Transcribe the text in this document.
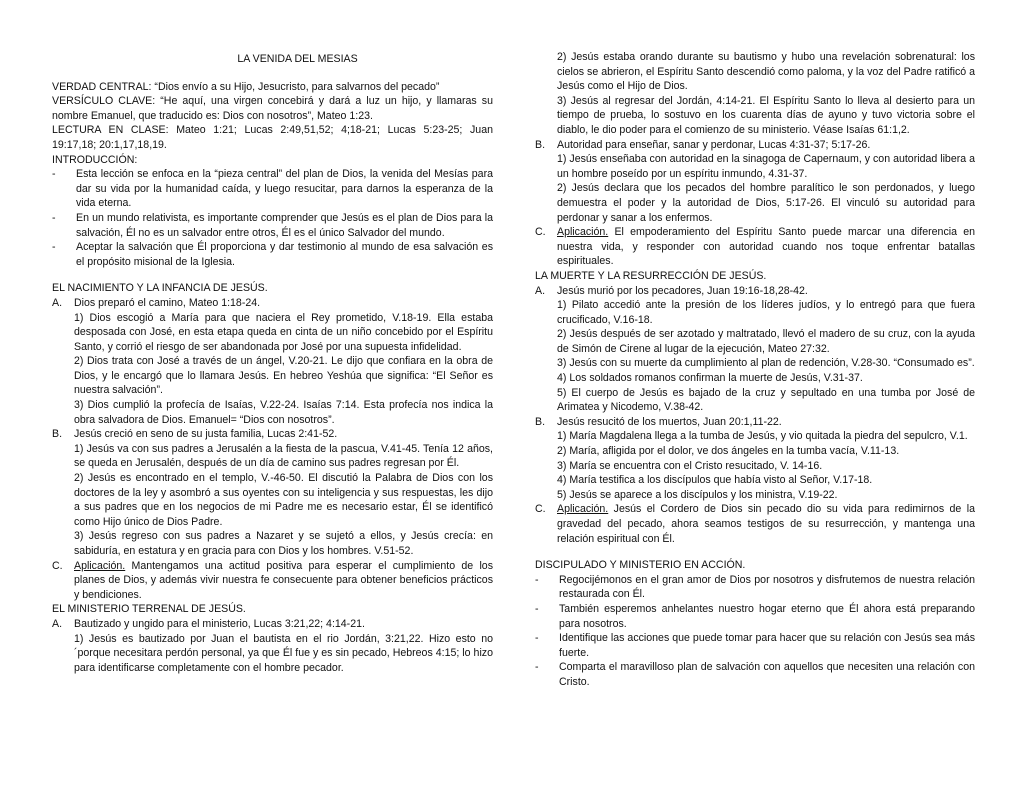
LA VENIDA DEL MESIAS

VERDAD CENTRAL: “Dios envío a su Hijo, Jesucristo, para salvarnos del pecado”

VERSÍCULO CLAVE: “He aquí, una virgen concebirá y dará a luz un hijo, y llamaras su nombre Emanuel, que traducido es: Dios con nosotros”, Mateo 1:23.

LECTURA EN CLASE: Mateo 1:21; Lucas 2:49,51,52; 4;18-21; Lucas 5:23-25; Juan 19:17,18; 20:1,17,18,19.

INTRODUCCIÓN:

-	Esta lección se enfoca en la “pieza central” del plan de Dios, la venida del Mesías para dar su vida por la humanidad caída, y luego resucitar, para darnos la esperanza de la vida eterna.
-	En un mundo relativista, es importante comprender que Jesús es el plan de Dios para la salvación, Él no es un salvador entre otros, Él es el único Salvador del mundo.
-	Aceptar la salvación que Él proporciona y dar testimonio al mundo de esa salvación es el propósito misional de la Iglesia.

EL NACIMIENTO Y LA INFANCIA DE JESÚS.

A.	Dios preparó el camino, Mateo 1:18-24.

1) Dios escogió a María para que naciera el Rey prometido, V.18-19. Ella estaba desposada con José, en esta etapa queda en cinta de un niño concebido por el Espíritu Santo, y corrió el riesgo de ser abandonada por José por una supuesta infidelidad.

2) Dios trata con José a través de un ángel, V.20-21. Le dijo que confiara en la obra de Dios, y le encargó que lo llamara Jesús. En hebreo Yeshúa que significa: “El Señor es nuestra salvación”.

3) Dios cumplió la profecía de Isaías, V.22-24. Isaías 7:14. Esta profecía nos indica la obra salvadora de Dios. Emanuel= “Dios con nosotros”.

B.	Jesús creció en seno de su justa familia, Lucas 2:41-52.

1) Jesús va con sus padres a Jerusalén a la fiesta de la pascua, V.41-45. Tenía 12 años, se queda en Jerusalén, después de un día de camino sus padres regresan por Él.

2) Jesús es encontrado en el templo, V.-46-50. El discutió la Palabra de Dios con los doctores de la ley y asombró a sus oyentes con su inteligencia y sus respuestas, les dijo a sus padres que en los negocios de mi Padre me es necesario estar, Él se identificó como Hijo único de Dios Padre.

3) Jesús regreso con sus padres a Nazaret y se sujetó a ellos, y Jesús crecía: en sabiduría, en estatura y en gracia para con Dios y los hombres. V.51-52.

C.	Aplicación. Mantengamos una actitud positiva para esperar el cumplimiento de los planes de Dios, y además vivir nuestra fe consecuente para obtener beneficios prácticos y bendiciones.

EL MINISTERIO TERRENAL DE JESÚS.

A.	Bautizado y ungido para el ministerio, Lucas 3:21,22; 4:14-21.

1) Jesús es bautizado por Juan el bautista en el rio Jordán, 3:21,22. Hizo esto no ´porque necesitara perdón personal, ya que Él fue y es sin pecado, Hebreos 4:15; lo hizo para identificarse completamente con el hombre pecador.

2) Jesús estaba orando durante su bautismo y hubo una revelación sobrenatural: los cielos se abrieron, el Espíritu Santo descendió como paloma, y la voz del Padre ratificó a Jesús como el Hijo de Dios.

3) Jesús al regresar del Jordán, 4:14-21. El Espíritu Santo lo lleva al desierto para un tiempo de prueba, lo sostuvo en los cuarenta días de ayuno y tuvo victoria sobre el diablo, le dio poder para el comienzo de su ministerio. Véase Isaías 61:1,2.

B.	Autoridad para enseñar, sanar y perdonar, Lucas 4:31-37; 5:17-26.

1) Jesús enseñaba con autoridad en la sinagoga de Capernaum, y con autoridad libera a un hombre poseído por un espíritu inmundo, 4.31-37.

2) Jesús declara que los pecados del hombre paralítico le son perdonados, y luego demuestra el poder y la autoridad de Dios, 5:17-26. El vinculó su autoridad para perdonar y sanar a los enfermos.

C.	Aplicación. El empoderamiento del Espíritu Santo puede marcar una diferencia en nuestra vida, y responder con autoridad cuando nos toque enfrentar batallas espirituales.

LA MUERTE Y LA RESURRECCIÓN DE JESÚS.

A.	Jesús murió por los pecadores, Juan 19:16-18,28-42.

1) Pilato accedió ante la presión de los líderes judíos, y lo entregó para que fuera crucificado, V.16-18.

2) Jesús después de ser azotado y maltratado, llevó el madero de su cruz, con la ayuda de Simón de Cirene al lugar de la ejecución, Mateo 27:32.

3) Jesús con su muerte da cumplimiento al plan de redención, V.28-30. “Consumado es”.

4) Los soldados romanos confirman la muerte de Jesús, V.31-37.

5) El cuerpo de Jesús es bajado de la cruz y sepultado en una tumba por José de Arimatea y Nicodemo, V.38-42.

B.	Jesús resucitó de los muertos, Juan 20:1,11-22.

1) María Magdalena llega a la tumba de Jesús, y vio quitada la piedra del sepulcro, V.1.

2) María, afligida por el dolor, ve dos ángeles en la tumba vacía, V.11-13.

3) María se encuentra con el Cristo resucitado, V. 14-16.

4) María testifica a los discípulos que había visto al Señor, V.17-18.

5) Jesús se aparece a los discípulos y los ministra, V.19-22.

C.	Aplicación. Jesús el Cordero de Dios sin pecado dio su vida para redimirnos de la gravedad del pecado, ahora seamos testigos de su resurrección, y mantenga una relación espiritual con Él.

DISCIPULADO Y MINISTERIO EN ACCIÓN.

-	Regocijémonos en el gran amor de Dios por nosotros y disfrutemos de nuestra relación restaurada con Él.
-	También esperemos anhelantes nuestro hogar eterno que Él ahora está preparando para nosotros.
-	Identifique las acciones que puede tomar para hacer que su relación con Jesús sea más fuerte.
-	Comparta el maravilloso plan de salvación con aquellos que necesiten una relación con Cristo.
